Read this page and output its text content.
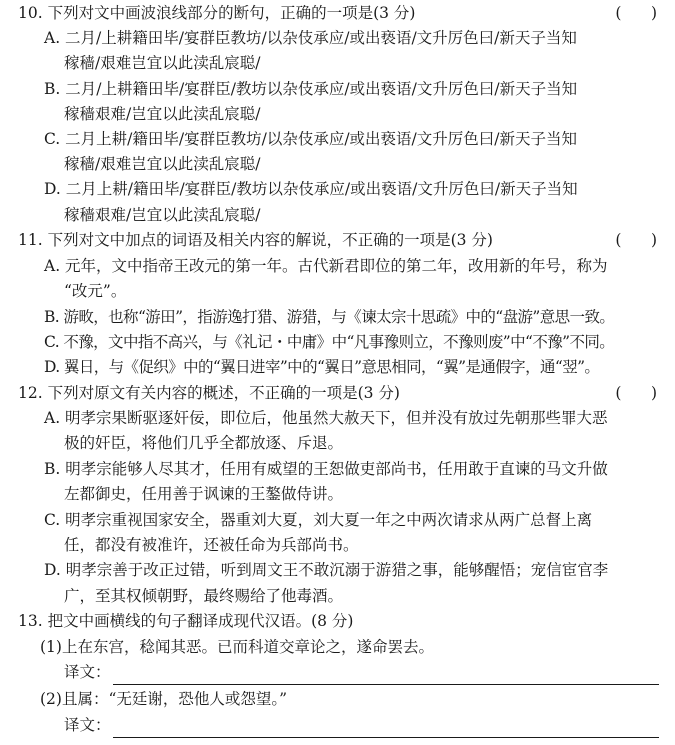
10. 下列对文中画波浪线部分的断句，正确的一项是(3 分)	(      )
A. 二月/上耕籍田毕/宴群臣教坊/以杂伎承应/或出亵语/文升厉色曰/新天子当知
稼穑/艰难岂宜以此渎乱宸聪/
B. 二月/上耕籍田毕/宴群臣/教坊以杂伎承应/或出亵语/文升厉色曰/新天子当知
稼穑艰难/岂宜以此渎乱宸聪/
C. 二月上耕/籍田毕/宴群臣教坊/以杂伎承应/或出亵语/文升厉色曰/新天子当知
稼穑/艰难岂宜以此渎乱宸聪/
D. 二月上耕/籍田毕/宴群臣/教坊以杂伎承应/或出亵语/文升厉色曰/新天子当知
稼穑艰难/岂宜以此渎乱宸聪/
11. 下列对文中加点的词语及相关内容的解说，不正确的一项是(3 分)	(      )
A. 元年，文中指帝王改元的第一年。古代新君即位的第二年，改用新的年号，称为
“改元”。
B. 游畋，也称“游田”，指游逸打猎、游猎，与《谏太宗十思疏》中的“盘游”意思一致。
C. 不豫，文中指不高兴，与《礼记・中庸》中“凡事豫则立，不豫则废”中“不豫”不同。
D. 翼日，与《促织》中的“翼日进宰”中的“翼日”意思相同，“翼”是通假字，通“翌”。
12. 下列对原文有关内容的概述，不正确的一项是(3 分)	(      )
A. 明孝宗果断驱逐奸佞，即位后，他虽然大赦天下，但并没有放过先朝那些罪大恶
极的奸臣，将他们几乎全都放逐、斥退。
B. 明孝宗能够人尽其才，任用有威望的王恕做吏部尚书，任用敢于直谏的马文升做
左都御史，任用善于讽谏的王鏊做侍讲。
C. 明孝宗重视国家安全，器重刘大夏，刘大夏一年之中两次请求从两广总督上离
任，都没有被准许，还被任命为兵部尚书。
D. 明孝宗善于改正过错，听到周文王不敢沉溺于游猎之事，能够醒悟；宠信宦官李
广，至其权倾朝野，最终赐给了他毒酒。
13. 把文中画横线的句子翻译成现代汉语。(8 分)
(1)上在东宫，稔闻其恶。已而科道交章论之，遂命罢去。
译文：
(2)且属：“无廷谢，恐他人或怨望。”
译文：
